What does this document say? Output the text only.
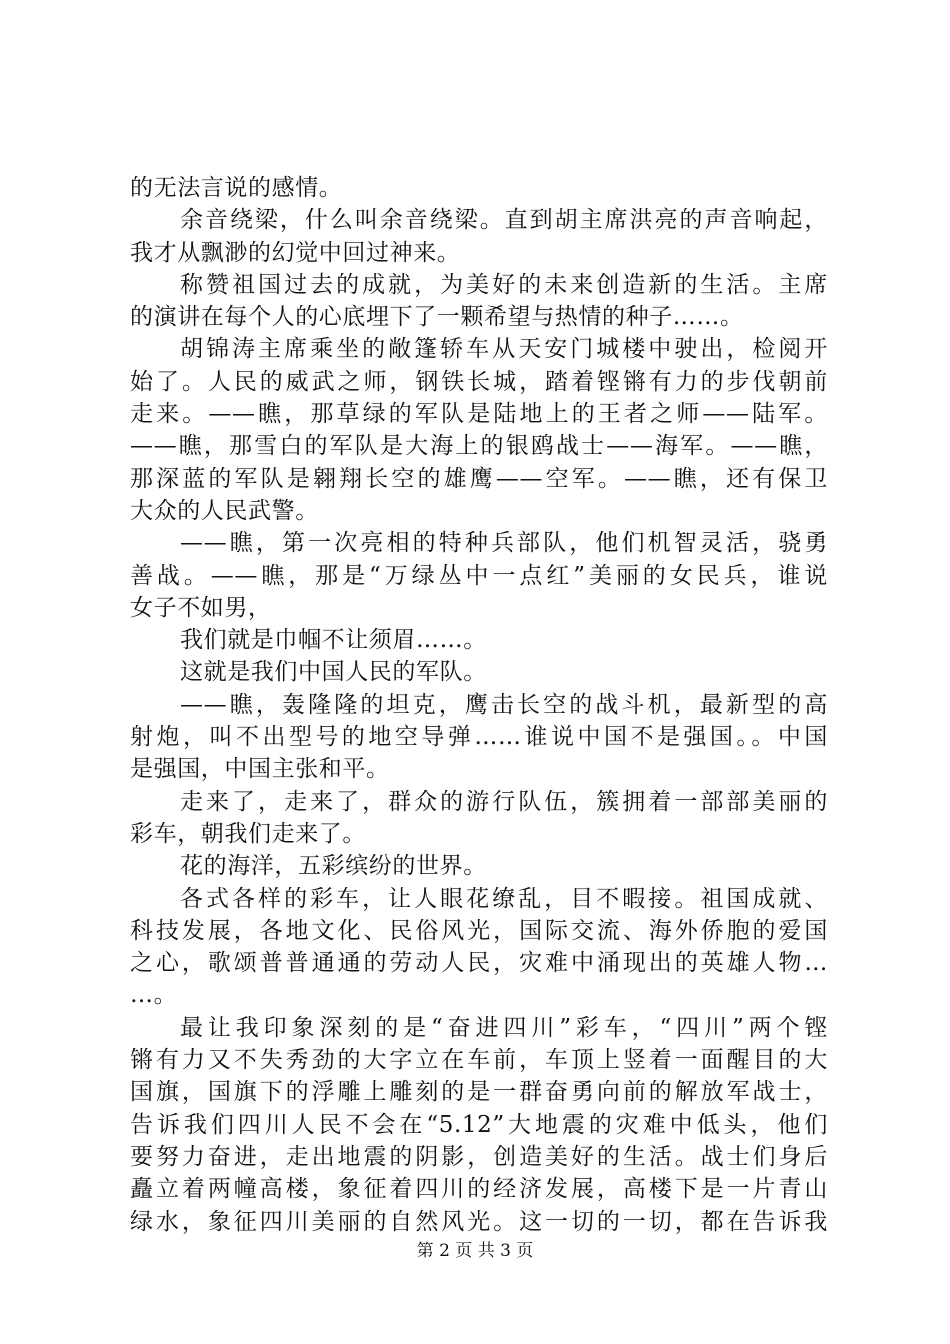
的无法言说的感情。
余音绕梁，什么叫余音绕梁。直到胡主席洪亮的声音响起，
我才从飘渺的幻觉中回过神来。
称赞祖国过去的成就，为美好的未来创造新的生活。主席
的演讲在每个人的心底埋下了一颗希望与热情的种子……。
胡锦涛主席乘坐的敞篷轿车从天安门城楼中驶出，检阅开
始了。人民的威武之师，钢铁长城，踏着铿锵有力的步伐朝前
走来。——瞧，那草绿的军队是陆地上的王者之师——陆军。
——瞧，那雪白的军队是大海上的银鸥战士——海军。——瞧，
那深蓝的军队是翱翔长空的雄鹰——空军。——瞧，还有保卫
大众的人民武警。
——瞧，第一次亮相的特种兵部队，他们机智灵活，骁勇
善战。——瞧，那是“万绿丛中一点红”美丽的女民兵，谁说
女子不如男，
我们就是巾帼不让须眉……。
这就是我们中国人民的军队。
——瞧，轰隆隆的坦克，鹰击长空的战斗机，最新型的高
射炮，叫不出型号的地空导弹……谁说中国不是强国。。中国
是强国，中国主张和平。
走来了，走来了，群众的游行队伍，簇拥着一部部美丽的
彩车，朝我们走来了。
花的海洋，五彩缤纷的世界。
各式各样的彩车，让人眼花缭乱，目不暇接。祖国成就、
科技发展，各地文化、民俗风光，国际交流、海外侨胞的爱国
之心，歌颂普普通通的劳动人民，灾难中涌现出的英雄人物…
…。
最让我印象深刻的是“奋进四川”彩车，“四川”两个铿
锵有力又不失秀劲的大字立在车前，车顶上竖着一面醒目的大
国旗，国旗下的浮雕上雕刻的是一群奋勇向前的解放军战士，
告诉我们四川人民不会在“5.12”大地震的灾难中低头，他们
要努力奋进，走出地震的阴影，创造美好的生活。战士们身后
矗立着两幢高楼，象征着四川的经济发展，高楼下是一片青山
绿水，象征四川美丽的自然风光。这一切的一切，都在告诉我
第 2 页 共 3 页
